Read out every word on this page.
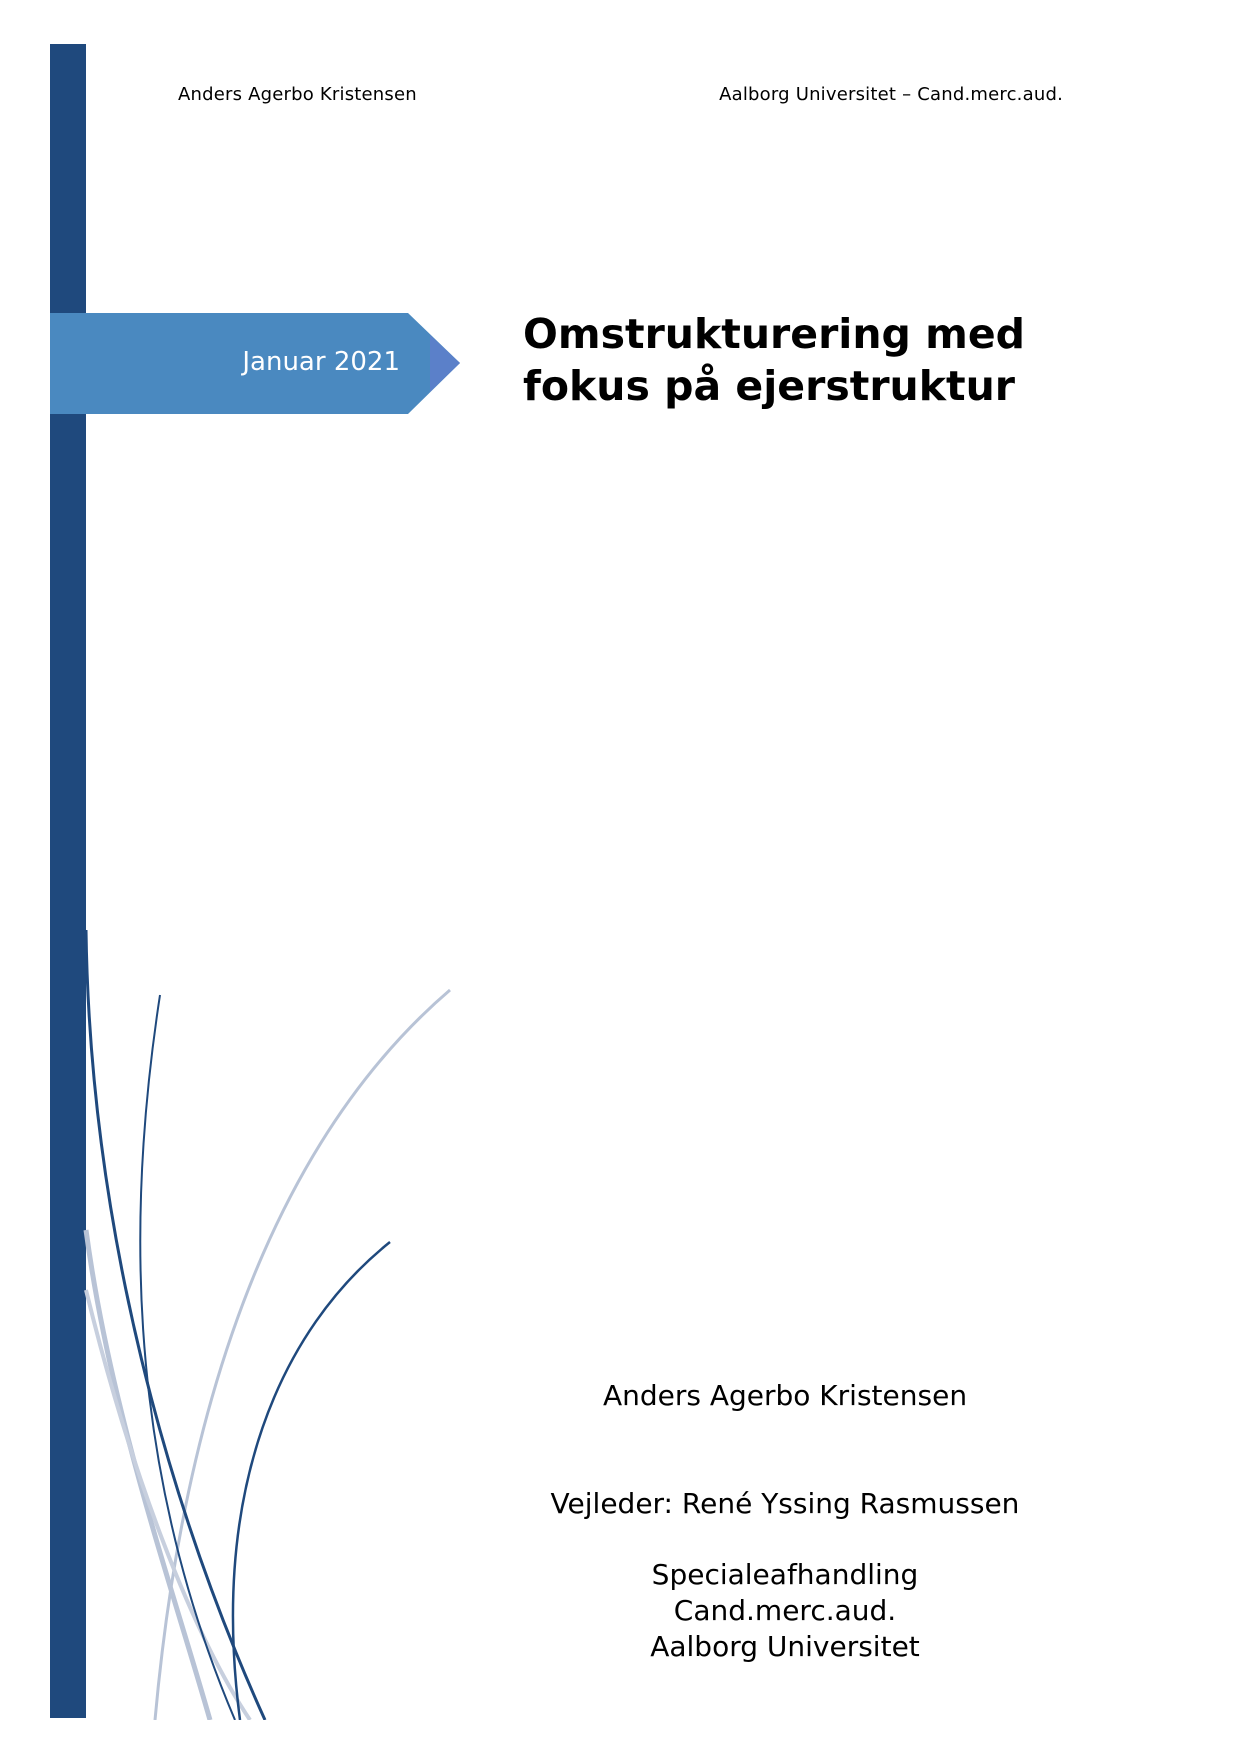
Anders Agerbo Kristensen	Aalborg Universitet – Cand.merc.aud.
Januar 2021
Omstrukturering med
fokus på ejerstruktur
Anders Agerbo Kristensen
Vejleder: René Yssing Rasmussen
Specialeafhandling
Cand.merc.aud.
Aalborg Universitet
